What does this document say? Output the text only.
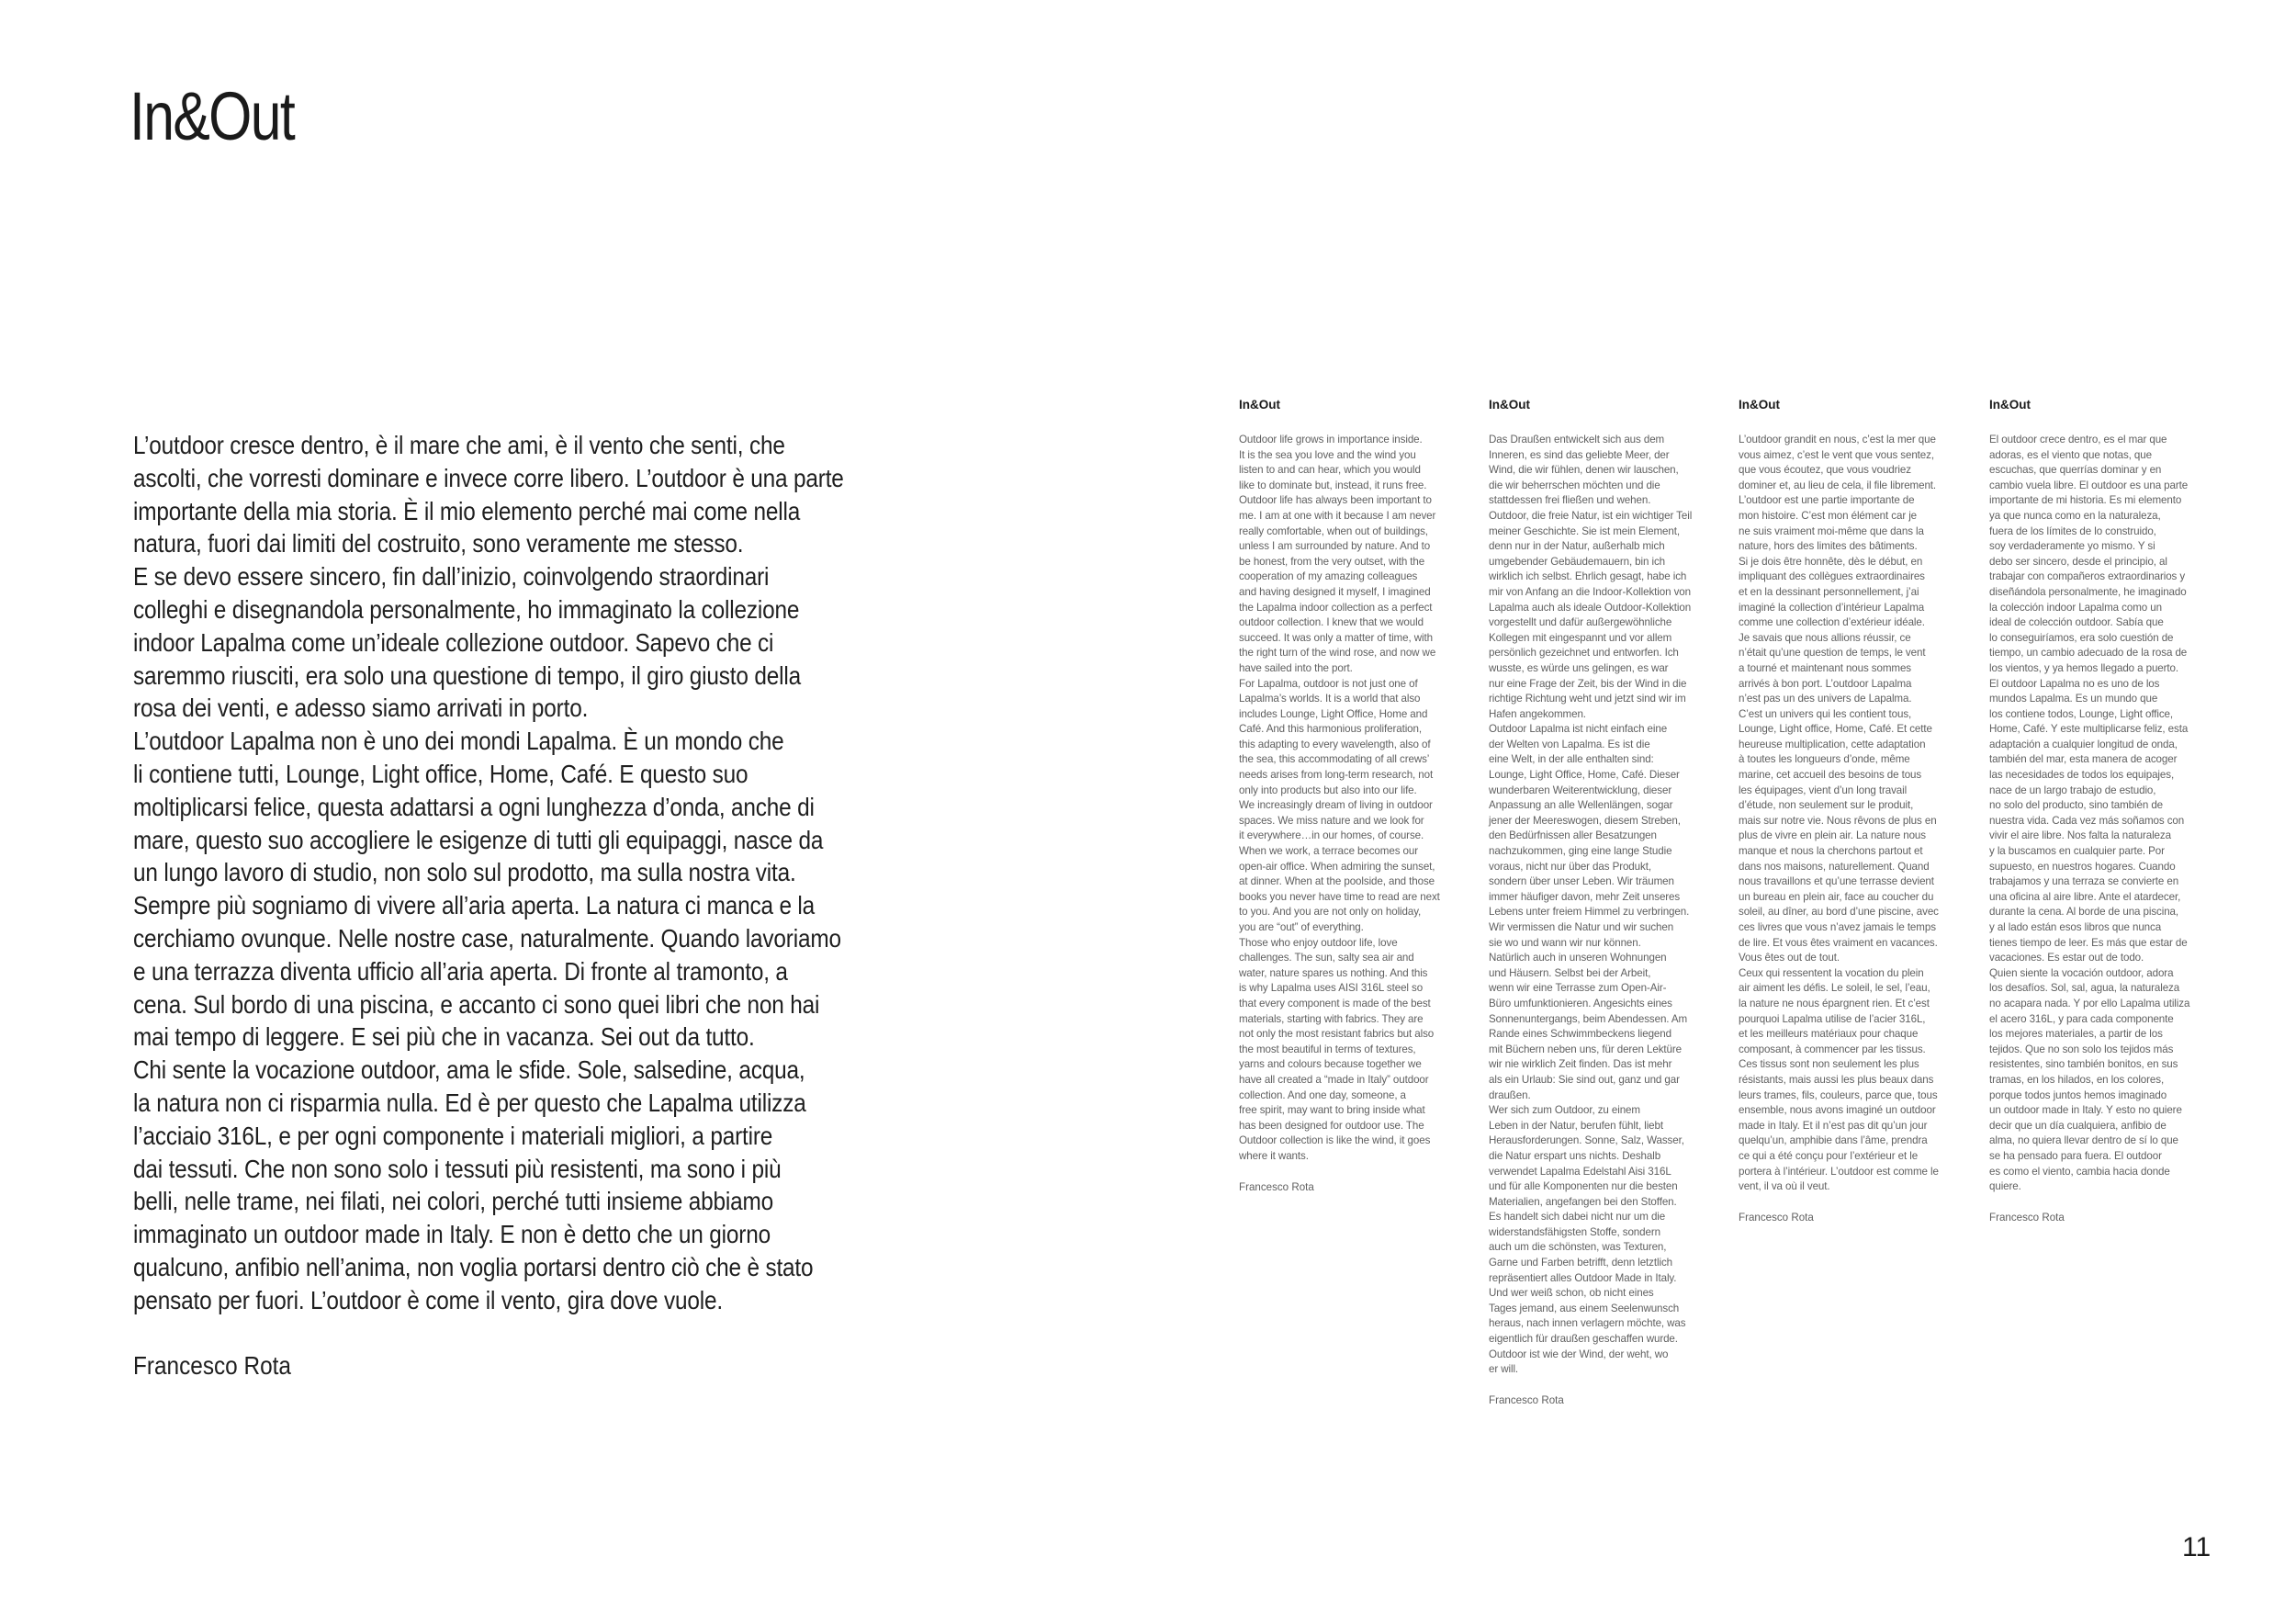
In&Out

L’outdoor cresce dentro, è il mare che ami, è il vento che senti, che
ascolti, che vorresti dominare e invece corre libero. L’outdoor è una parte
importante della mia storia. È il mio elemento perché mai come nella
natura, fuori dai limiti del costruito, sono veramente me stesso.
E se devo essere sincero, fin dall’inizio, coinvolgendo straordinari
colleghi e disegnandola personalmente, ho immaginato la collezione
indoor Lapalma come un’ideale collezione outdoor. Sapevo che ci
saremmo riusciti, era solo una questione di tempo, il giro giusto della
rosa dei venti, e adesso siamo arrivati in porto.
L’outdoor Lapalma non è uno dei mondi Lapalma. È un mondo che
li contiene tutti, Lounge, Light office, Home, Café. E questo suo
moltiplicarsi felice, questa adattarsi a ogni lunghezza d’onda, anche di
mare, questo suo accogliere le esigenze di tutti gli equipaggi, nasce da
un lungo lavoro di studio, non solo sul prodotto, ma sulla nostra vita.
Sempre più sogniamo di vivere all’aria aperta. La natura ci manca e la
cerchiamo ovunque. Nelle nostre case, naturalmente. Quando lavoriamo
e una terrazza diventa ufficio all’aria aperta. Di fronte al tramonto, a
cena. Sul bordo di una piscina, e accanto ci sono quei libri che non hai
mai tempo di leggere. E sei più che in vacanza. Sei out da tutto.
Chi sente la vocazione outdoor, ama le sfide. Sole, salsedine, acqua,
la natura non ci risparmia nulla. Ed è per questo che Lapalma utilizza
l’acciaio 316L, e per ogni componente i materiali migliori, a partire
dai tessuti. Che non sono solo i tessuti più resistenti, ma sono i più
belli, nelle trame, nei filati, nei colori, perché tutti insieme abbiamo
immaginato un outdoor made in Italy. E non è detto che un giorno
qualcuno, anfibio nell’anima, non voglia portarsi dentro ciò che è stato
pensato per fuori. L’outdoor è come il vento, gira dove vuole.

Francesco Rota

In&Out

Outdoor life grows in importance inside.
It is the sea you love and the wind you
listen to and can hear, which you would
like to dominate but, instead, it runs free.
Outdoor life has always been important to
me. I am at one with it because I am never
really comfortable, when out of buildings,
unless I am surrounded by nature. And to
be honest, from the very outset, with the
cooperation of my amazing colleagues
and having designed it myself, I imagined
the Lapalma indoor collection as a perfect
outdoor collection. I knew that we would
succeed. It was only a matter of time, with
the right turn of the wind rose, and now we
have sailed into the port.
For Lapalma, outdoor is not just one of
Lapalma’s worlds. It is a world that also
includes Lounge, Light Office, Home and
Café. And this harmonious proliferation,
this adapting to every wavelength, also of
the sea, this accommodating of all crews’
needs arises from long-term research, not
only into products but also into our life.
We increasingly dream of living in outdoor
spaces. We miss nature and we look for
it everywhere…in our homes, of course.
When we work, a terrace becomes our
open-air office. When admiring the sunset,
at dinner. When at the poolside, and those
books you never have time to read are next
to you. And you are not only on holiday,
you are “out” of everything.
Those who enjoy outdoor life, love
challenges. The sun, salty sea air and
water, nature spares us nothing. And this
is why Lapalma uses AISI 316L steel so
that every component is made of the best
materials, starting with fabrics. They are
not only the most resistant fabrics but also
the most beautiful in terms of textures,
yarns and colours because together we
have all created a “made in Italy” outdoor
collection. And one day, someone, a
free spirit, may want to bring inside what
has been designed for outdoor use. The
Outdoor collection is like the wind, it goes
where it wants.

Francesco Rota

In&Out

Das Draußen entwickelt sich aus dem
Inneren, es sind das geliebte Meer, der
Wind, die wir fühlen, denen wir lauschen,
die wir beherrschen möchten und die
stattdessen frei fließen und wehen.
Outdoor, die freie Natur, ist ein wichtiger Teil
meiner Geschichte. Sie ist mein Element,
denn nur in der Natur, außerhalb mich
umgebender Gebäudemauern, bin ich
wirklich ich selbst. Ehrlich gesagt, habe ich
mir von Anfang an die Indoor-Kollektion von
Lapalma auch als ideale Outdoor-Kollektion
vorgestellt und dafür außergewöhnliche
Kollegen mit eingespannt und vor allem
persönlich gezeichnet und entworfen. Ich
wusste, es würde uns gelingen, es war
nur eine Frage der Zeit, bis der Wind in die
richtige Richtung weht und jetzt sind wir im
Hafen angekommen.
Outdoor Lapalma ist nicht einfach eine
der Welten von Lapalma. Es ist die
eine Welt, in der alle enthalten sind:
Lounge, Light Office, Home, Café. Dieser
wunderbaren Weiterentwicklung, dieser
Anpassung an alle Wellenlängen, sogar
jener der Meereswogen, diesem Streben,
den Bedürfnissen aller Besatzungen
nachzukommen, ging eine lange Studie
voraus, nicht nur über das Produkt,
sondern über unser Leben. Wir träumen
immer häufiger davon, mehr Zeit unseres
Lebens unter freiem Himmel zu verbringen.
Wir vermissen die Natur und wir suchen
sie wo und wann wir nur können.
Natürlich auch in unseren Wohnungen
und Häusern. Selbst bei der Arbeit,
wenn wir eine Terrasse zum Open-Air-
Büro umfunktionieren. Angesichts eines
Sonnenuntergangs, beim Abendessen. Am
Rande eines Schwimmbeckens liegend
mit Büchern neben uns, für deren Lektüre
wir nie wirklich Zeit finden. Das ist mehr
als ein Urlaub: Sie sind out, ganz und gar
draußen.
Wer sich zum Outdoor, zu einem
Leben in der Natur, berufen fühlt, liebt
Herausforderungen. Sonne, Salz, Wasser,
die Natur erspart uns nichts. Deshalb
verwendet Lapalma Edelstahl Aisi 316L
und für alle Komponenten nur die besten
Materialien, angefangen bei den Stoffen.
Es handelt sich dabei nicht nur um die
widerstandsfähigsten Stoffe, sondern
auch um die schönsten, was Texturen,
Garne und Farben betrifft, denn letztlich
repräsentiert alles Outdoor Made in Italy.
Und wer weiß schon, ob nicht eines
Tages jemand, aus einem Seelenwunsch
heraus, nach innen verlagern möchte, was
eigentlich für draußen geschaffen wurde.
Outdoor ist wie der Wind, der weht, wo
er will.

Francesco Rota

In&Out

L’outdoor grandit en nous, c’est la mer que
vous aimez, c’est le vent que vous sentez,
que vous écoutez, que vous voudriez
dominer et, au lieu de cela, il file librement.
L’outdoor est une partie importante de
mon histoire. C’est mon élément car je
ne suis vraiment moi-même que dans la
nature, hors des limites des bâtiments.
Si je dois être honnête, dès le début, en
impliquant des collègues extraordinaires
et en la dessinant personnellement, j’ai
imaginé la collection d’intérieur Lapalma
comme une collection d’extérieur idéale.
Je savais que nous allions réussir, ce
n’était qu’une question de temps, le vent
a tourné et maintenant nous sommes
arrivés à bon port. L’outdoor Lapalma
n’est pas un des univers de Lapalma.
C’est un univers qui les contient tous,
Lounge, Light office, Home, Café. Et cette
heureuse multiplication, cette adaptation
à toutes les longueurs d’onde, même
marine, cet accueil des besoins de tous
les équipages, vient d’un long travail
d’étude, non seulement sur le produit,
mais sur notre vie. Nous rêvons de plus en
plus de vivre en plein air. La nature nous
manque et nous la cherchons partout et
dans nos maisons, naturellement. Quand
nous travaillons et qu’une terrasse devient
un bureau en plein air, face au coucher du
soleil, au dîner, au bord d’une piscine, avec
ces livres que vous n’avez jamais le temps
de lire. Et vous êtes vraiment en vacances.
Vous êtes out de tout.
Ceux qui ressentent la vocation du plein
air aiment les défis. Le soleil, le sel, l’eau,
la nature ne nous épargnent rien. Et c’est
pourquoi Lapalma utilise de l’acier 316L,
et les meilleurs matériaux pour chaque
composant, à commencer par les tissus.
Ces tissus sont non seulement les plus
résistants, mais aussi les plus beaux dans
leurs trames, fils, couleurs, parce que, tous
ensemble, nous avons imaginé un outdoor
made in Italy. Et il n’est pas dit qu’un jour
quelqu’un, amphibie dans l’âme, prendra
ce qui a été conçu pour l’extérieur et le
portera à l’intérieur. L’outdoor est comme le
vent, il va où il veut.

Francesco Rota

In&Out

El outdoor crece dentro, es el mar que
adoras, es el viento que notas, que
escuchas, que querrías dominar y en
cambio vuela libre. El outdoor es una parte
importante de mi historia. Es mi elemento
ya que nunca como en la naturaleza,
fuera de los límites de lo construido,
soy verdaderamente yo mismo. Y si
debo ser sincero, desde el principio, al
trabajar con compañeros extraordinarios y
diseñándola personalmente, he imaginado
la colección indoor Lapalma como un
ideal de colección outdoor. Sabía que
lo conseguiríamos, era solo cuestión de
tiempo, un cambio adecuado de la rosa de
los vientos, y ya hemos llegado a puerto.
El outdoor Lapalma no es uno de los
mundos Lapalma. Es un mundo que
los contiene todos, Lounge, Light office,
Home, Café. Y este multiplicarse feliz, esta
adaptación a cualquier longitud de onda,
también del mar, esta manera de acoger
las necesidades de todos los equipajes,
nace de un largo trabajo de estudio,
no solo del producto, sino también de
nuestra vida. Cada vez más soñamos con
vivir el aire libre. Nos falta la naturaleza
y la buscamos en cualquier parte. Por
supuesto, en nuestros hogares. Cuando
trabajamos y una terraza se convierte en
una oficina al aire libre. Ante el atardecer,
durante la cena. Al borde de una piscina,
y al lado están esos libros que nunca
tienes tiempo de leer. Es más que estar de
vacaciones. Es estar out de todo.
Quien siente la vocación outdoor, adora
los desafíos. Sol, sal, agua, la naturaleza
no acapara nada. Y por ello Lapalma utiliza
el acero 316L, y para cada componente
los mejores materiales, a partir de los
tejidos. Que no son solo los tejidos más
resistentes, sino también bonitos, en sus
tramas, en los hilados, en los colores,
porque todos juntos hemos imaginado
un outdoor made in Italy. Y esto no quiere
decir que un día cualquiera, anfibio de
alma, no quiera llevar dentro de sí lo que
se ha pensado para fuera. El outdoor
es como el viento, cambia hacia donde
quiere.

Francesco Rota

11
